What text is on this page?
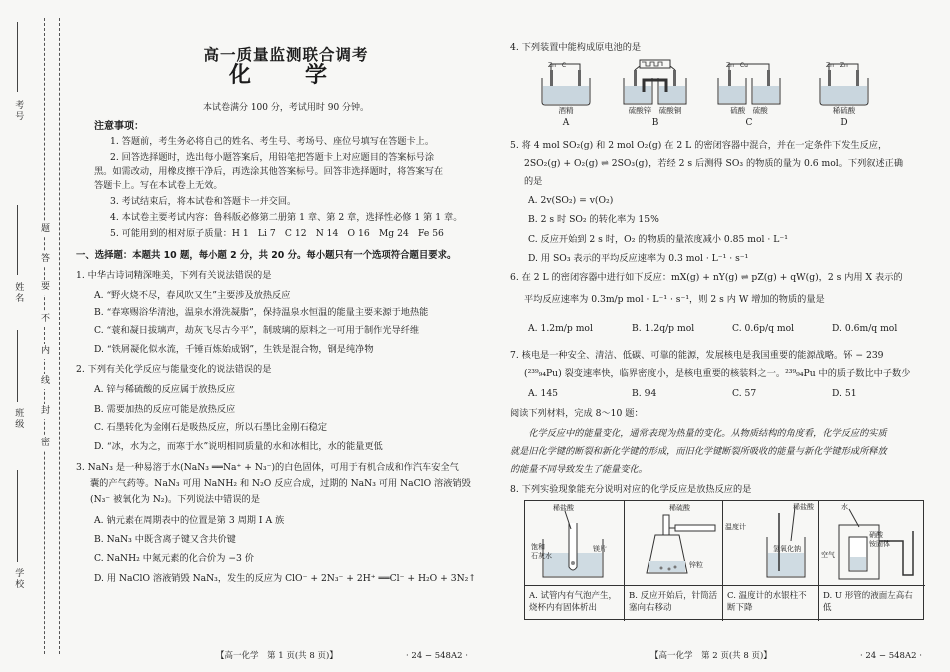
考号
姓名
班级
学校
题
答
要
不
内
线
封
密
高一质量监测联合调考
化　学
本试卷满分 100 分，考试用时 90 分钟。
注意事项：
1. 答题前，考生务必将自己的姓名、考生号、考场号、座位号填写在答题卡上。
2. 回答选择题时，选出每小题答案后，用铅笔把答题卡上对应题目的答案标号涂
黑。如需改动，用橡皮擦干净后，再选涂其他答案标号。回答非选择题时，将答案写在
答题卡上。写在本试卷上无效。
3. 考试结束后，将本试卷和答题卡一并交回。
4. 本试卷主要考试内容：鲁科版必修第二册第 1 章、第 2 章，选择性必修 1 第 1 章。
5. 可能用到的相对原子质量：H 1　Li 7　C 12　N 14　O 16　Mg 24　Fe 56
一、选择题：本题共 10 题，每小题 2 分，共 20 分。每小题只有一个选项符合题目要求。
1. 中华古诗词精深唯美，下列有关说法错误的是
A. “野火烧不尽，春风吹又生”主要涉及放热反应
B. “春寒赐浴华清池，温泉水滑洗凝脂”，保持温泉水恒温的能量主要来源于地热能
C. “蓑和凝日拔璃声，劫灰飞尽古今平”，制玻璃的原料之一可用于制作光导纤维
D. “铁屑凝化似水流，千锤百炼始成钢”，生铁是混合物，钢是纯净物
2. 下列有关化学反应与能量变化的说法错误的是
A. 锌与稀硫酸的反应属于放热反应
B. 需要加热的反应可能是放热反应
C. 石墨转化为金刚石是吸热反应，所以石墨比金刚石稳定
D. “冰，水为之，而寒于水”说明相同质量的水和冰相比，水的能量更低
3. NaN₃ 是一种易溶于水(NaN₃ ══Na⁺ + N₃⁻)的白色固体，可用于有机合成和作汽车安全气
囊的产气药等。NaN₃ 可用 NaNH₂ 和 N₂O 反应合成，过期的 NaN₃ 可用 NaClO 溶液销毁
(N₃⁻ 被氧化为 N₂)。下列说法中错误的是
A. 钠元素在周期表中的位置是第 3 周期 Ⅰ A 族
B. NaN₃ 中既含离子键又含共价键
C. NaNH₂ 中氮元素的化合价为 −3 价
D. 用 NaClO 溶液销毁 NaN₃，发生的反应为 ClO⁻ + 2N₃⁻ + 2H⁺ ══Cl⁻ + H₂O + 3N₂↑
【高一化学　第 1 页(共 8 页)】	· 24 − 548A2 ·
4. 下列装置中能构成原电池的是
Zn　C
酒精
A
硫酸锌　硫酸铜
B
Zn　Cu
硫酸　硫酸
C
Zn　Zn
稀硫酸
D
5. 将 4 mol SO₂(g) 和 2 mol O₂(g) 在 2 L 的密闭容器中混合，并在一定条件下发生反应，
2SO₂(g) + O₂(g) ⇌ 2SO₃(g)，若经 2 s 后测得 SO₃ 的物质的量为 0.6 mol。下列叙述正确
的是
A. 2v(SO₂) = v(O₂)
B. 2 s 时 SO₂ 的转化率为 15%
C. 反应开始到 2 s 时，O₂ 的物质的量浓度减小 0.85 mol · L⁻¹
D. 用 SO₃ 表示的平均反应速率为 0.3 mol · L⁻¹ · s⁻¹
6. 在 2 L 的密闭容器中进行如下反应：mX(g) + nY(g) ⇌ pZ(g) + qW(g)，2 s 内用 X 表示的
平均反应速率为 0.3m/p mol · L⁻¹ · s⁻¹，则 2 s 内 W 增加的物质的量是
A. 1.2m/p mol	B. 1.2q/p mol	C. 0.6p/q mol	D. 0.6m/q mol
7. 核电是一种安全、清洁、低碳、可靠的能源，发展核电是我国重要的能源战略。钚 − 239
(²³⁹₉₄Pu) 裂变速率快，临界密度小，是核电重要的核装料之一。²³⁹₉₄Pu 中的质子数比中子数少
A. 145	B. 94	C. 57	D. 51
阅读下列材料，完成 8～10 题：
　　化学反应中的能量变化，通常表现为热量的变化。从物质结构的角度看，化学反应的实质
就是旧化学键的断裂和新化学键的形成，而旧化学键断裂所吸收的能量与新化学键形成所释放
的能量不同导致发生了能量变化。
8. 下列实验现象能充分说明对应的化学反应是放热反应的是
稀盐酸
饱和
石灰水
镁片
稀硫酸
锌粒
温度计
稀盐酸
氢氧化钠
水
硝酸
铵固体
空气
A. 试管内有气泡产生，烧杯内有固体析出
B. 反应开始后，针筒活塞向右移动
C. 温度计的水银柱不断下降
D. U 形管的液面左高右低
【高一化学　第 2 页(共 8 页)】	· 24 − 548A2 ·
